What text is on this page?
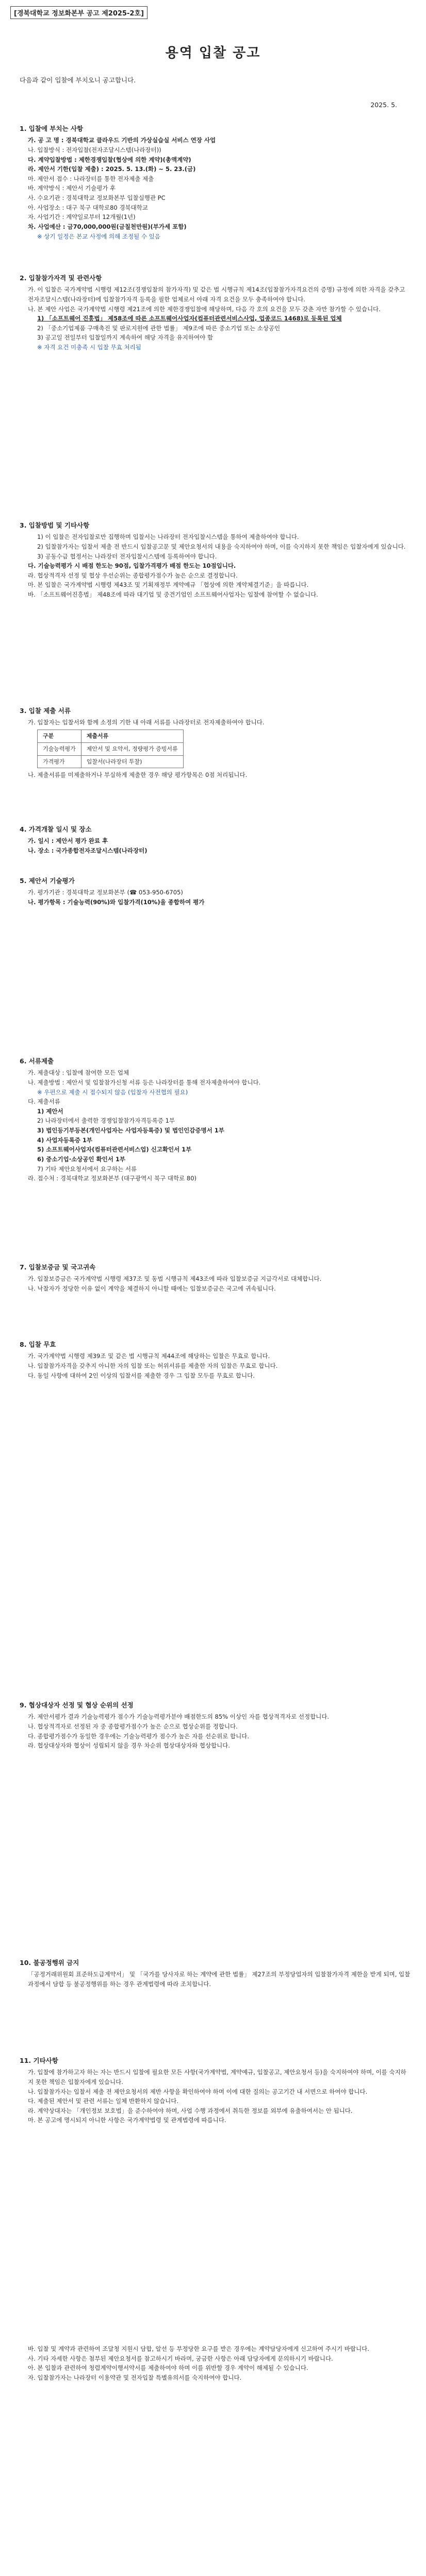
[경북대학교 정보화본부 공고 제2025-2호]
용역 입찰 공고
다음과 같이 입찰에 부치오니 공고합니다.
2025. 5.
1. 입찰에 부치는 사항
가. 공 고 명 : 경북대학교 클라우드 기반의 가상실습실 서비스 연장 사업
나. 입찰방식 : 전자입찰(전자조달시스템(나라장터))
다. 계약입찰방법 : 제한경쟁입찰(협상에 의한 계약)(총액계약)
라. 제안서 기한(입찰 제출) : 2025. 5. 13.(화) ~ 5. 23.(금)
마. 제안서 접수 : 나라장터를 통한 전자제출 제출
바. 계약방식 : 제안서 기술평가 후
사. 수요기관 : 경북대학교 정보화본부 입찰실행관 PC
아. 사업장소 : 대구 북구 대학로80 경북대학교
자. 사업기간 : 계약일로부터 12개월(1년)
차. 사업예산 : 금70,000,000원(금칠천만원)(부가세 포함)
※ 상기 일정은 본교 사정에 의해 조정될 수 있음
2. 입찰참가자격 및 관련사항
가. 이 입찰은 국가계약법 시행령 제12조(경쟁입찰의 참가자격) 및 같은 법 시행규칙 제14조(입찰참가자격요건의 증명) 규정에 의한 자격을 갖추고 전자조달시스템(나라장터)에 입찰참가자격 등록을 필한 업체로서 아래 자격 요건을 모두 충족하여야 합니다.
나. 본 제안 사업은 국가계약법 시행령 제21조에 의한 제한경쟁입찰에 해당하며, 다음 각 호의 요건을 모두 갖춘 자만 참가할 수 있습니다.
1) 「소프트웨어 진흥법」 제58조에 따른 소프트웨어사업자(컴퓨터관련서비스사업, 업종코드 1468)로 등록된 업체
2) 「중소기업제품 구매촉진 및 판로지원에 관한 법률」 제9조에 따른 중소기업 또는 소상공인
3) 공고일 전일부터 입찰일까지 계속하여 해당 자격을 유지하여야 함
※ 자격 요건 미충족 시 입찰 무효 처리됨
3. 입찰방법 및 기타사항
1) 이 입찰은 전자입찰로만 집행하며 입찰서는 나라장터 전자입찰시스템을 통하여 제출하여야 합니다.
2) 입찰참가자는 입찰서 제출 전 반드시 입찰공고문 및 제안요청서의 내용을 숙지하여야 하며, 이를 숙지하지 못한 책임은 입찰자에게 있습니다.
3) 공동수급 협정서는 나라장터 전자입찰시스템에 등록하여야 합니다.
다. 기술능력평가 시 배점 한도는 90점, 입찰가격평가 배점 한도는 10점입니다.
라. 협상적격자 선정 및 협상 우선순위는 종합평가점수가 높은 순으로 결정합니다.
마. 본 입찰은 국가계약법 시행령 제43조 및 기획재정부 계약예규 「협상에 의한 계약체결기준」을 따릅니다.
바. 「소프트웨어진흥법」 제48조에 따라 대기업 및 중견기업인 소프트웨어사업자는 입찰에 참여할 수 없습니다.
3. 입찰 제출 서류
가. 입찰자는 입찰서와 함께 소정의 기한 내 아래 서류를 나라장터로 전자제출하여야 합니다.
구분	제출서류
기술능력평가	제안서 및 요약서, 정량평가 증빙서류
가격평가	입찰서(나라장터 투찰)
나. 제출서류를 미제출하거나 부실하게 제출한 경우 해당 평가항목은 0점 처리됩니다.
4. 가격개찰 일시 및 장소
가. 일시 : 제안서 평가 완료 후
나. 장소 : 국가종합전자조달시스템(나라장터)
5. 제안서 기술평가
가. 평가기관 : 경북대학교 정보화본부 (☎ 053-950-6705)
나. 평가항목 : 기술능력(90%)와 입찰가격(10%)을 종합하여 평가
6. 서류제출
가. 제출대상 : 입찰에 참여한 모든 업체
나. 제출방법 : 제안서 및 입찰참가신청 서류 등은 나라장터를 통해 전자제출하여야 합니다.
※ 우편으로 제출 시 접수되지 않음 (입찰자 사전협의 필요)
다. 제출서류
1) 제안서
2) 나라장터에서 출력한 경쟁입찰참가자격등록증 1부
3) 법인등기부등본(개인사업자는 사업자등록증) 및 법인인감증명서 1부
4) 사업자등록증 1부
5) 소프트웨어사업자(컴퓨터관련서비스업) 신고확인서 1부
6) 중소기업·소상공인 확인서 1부
7) 기타 제안요청서에서 요구하는 서류
라. 접수처 : 경북대학교 정보화본부 (대구광역시 북구 대학로 80)
7. 입찰보증금 및 국고귀속
가. 입찰보증금은 국가계약법 시행령 제37조 및 동법 시행규칙 제43조에 따라 입찰보증금 지급각서로 대체합니다.
나. 낙찰자가 정당한 이유 없이 계약을 체결하지 아니할 때에는 입찰보증금은 국고에 귀속됩니다.
8. 입찰 무효
가. 국가계약법 시행령 제39조 및 같은 법 시행규칙 제44조에 해당하는 입찰은 무효로 합니다.
나. 입찰참가자격을 갖추지 아니한 자의 입찰 또는 허위서류를 제출한 자의 입찰은 무효로 합니다.
다. 동일 사항에 대하여 2인 이상의 입찰서를 제출한 경우 그 입찰 모두를 무효로 합니다.
9. 협상대상자 선정 및 협상 순위의 선정
가. 제안서평가 결과 기술능력평가 점수가 기술능력평가분야 배점한도의 85% 이상인 자를 협상적격자로 선정합니다.
나. 협상적격자로 선정된 자 중 종합평가점수가 높은 순으로 협상순위를 정합니다.
다. 종합평가점수가 동일한 경우에는 기술능력평가 점수가 높은 자를 선순위로 합니다.
라. 협상대상자와 협상이 성립되지 않을 경우 차순위 협상대상자와 협상합니다.
10. 불공정행위 금지
「공정거래위원회 표준하도급계약서」 및 「국가를 당사자로 하는 계약에 관한 법률」 제27조의 부정당업자의 입찰참가자격 제한을 받게 되며, 입찰과정에서 담합 등 불공정행위를 하는 경우 관계법령에 따라 조치합니다.
11. 기타사항
가. 입찰에 참가하고자 하는 자는 반드시 입찰에 필요한 모든 사항(국가계약법, 계약예규, 입찰공고, 제안요청서 등)을 숙지하여야 하며, 이를 숙지하지 못한 책임은 입찰자에게 있습니다.
나. 입찰참가자는 입찰서 제출 전 제안요청서의 제반 사항을 확인하여야 하며 이에 대한 질의는 공고기간 내 서면으로 하여야 합니다.
다. 제출된 제안서 및 관련 서류는 일체 반환하지 않습니다.
라. 계약상대자는 「개인정보 보호법」을 준수하여야 하며, 사업 수행 과정에서 취득한 정보를 외부에 유출하여서는 안 됩니다.
마. 본 공고에 명시되지 아니한 사항은 국가계약법령 및 관계법령에 따릅니다.
바. 입찰 및 계약과 관련하여 조달청 지원시 담합, 알선 등 부정당한 요구를 받은 경우에는 계약담당자에게 신고하여 주시기 바랍니다.
사. 기타 자세한 사항은 첨부된 제안요청서를 참고하시기 바라며, 궁금한 사항은 아래 담당자에게 문의하시기 바랍니다.
아. 본 입찰과 관련하여 청렴계약이행서약서를 제출하여야 하며 이를 위반할 경우 계약이 해제될 수 있습니다.
자. 입찰참가자는 나라장터 이용약관 및 전자입찰 특별유의서를 숙지하여야 합니다.
